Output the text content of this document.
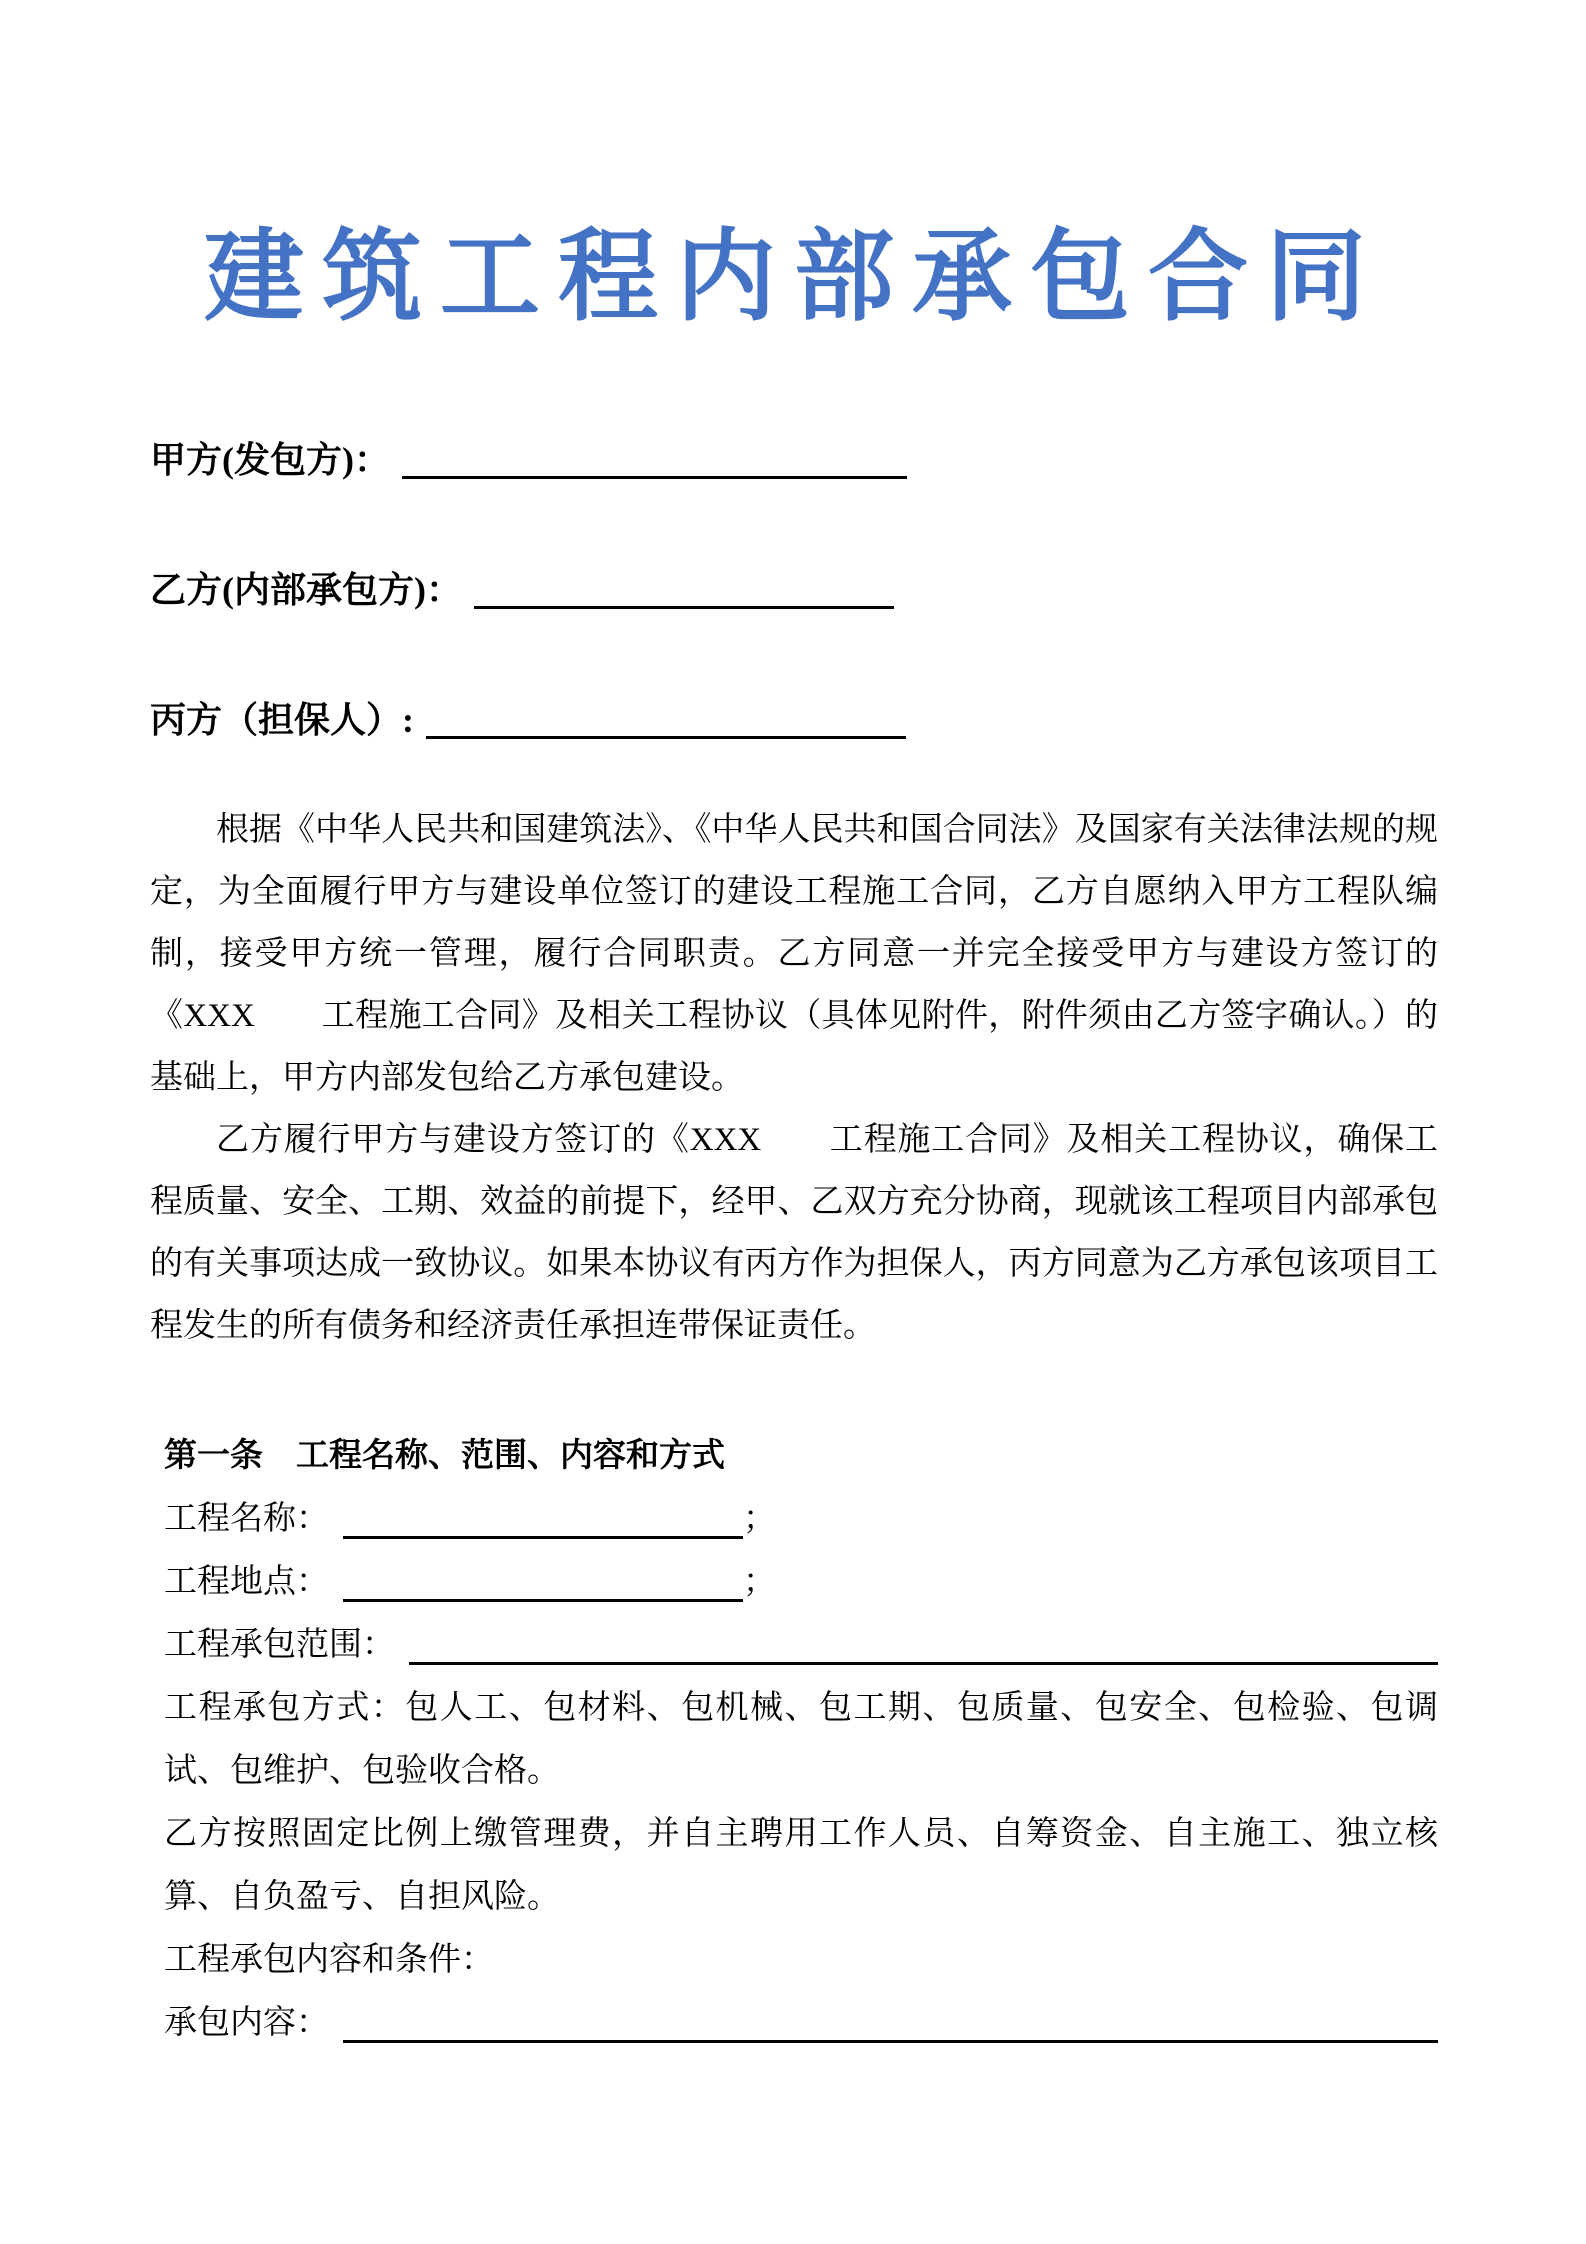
建筑工程内部承包合同
甲方(发包方)：
乙方(内部承包方)：
丙方（担保人）:

根据《中华人民共和国建筑法》、《中华人民共和国合同法》及国家有关法律法规的规定，为全面履行甲方与建设单位签订的建设工程施工合同，乙方自愿纳入甲方工程队编制，接受甲方统一管理，履行合同职责。乙方同意一并完全接受甲方与建设方签订的《XXX　　工程施工合同》及相关工程协议（具体见附件，附件须由乙方签字确认。）的基础上，甲方内部发包给乙方承包建设。

乙方履行甲方与建设方签订的《XXX　　工程施工合同》及相关工程协议，确保工程质量、安全、工期、效益的前提下，经甲、乙双方充分协商，现就该工程项目内部承包的有关事项达成一致协议。如果本协议有丙方作为担保人，丙方同意为乙方承包该项目工程发生的所有债务和经济责任承担连带保证责任。

第一条　工程名称、范围、内容和方式

工程名称：	；
工程地点：	；
工程承包范围：

工程承包方式：包人工、包材料、包机械、包工期、包质量、包安全、包检验、包调试、包维护、包验收合格。

乙方按照固定比例上缴管理费，并自主聘用工作人员、自筹资金、自主施工、独立核算、自负盈亏、自担风险。

工程承包内容和条件：
承包内容：
